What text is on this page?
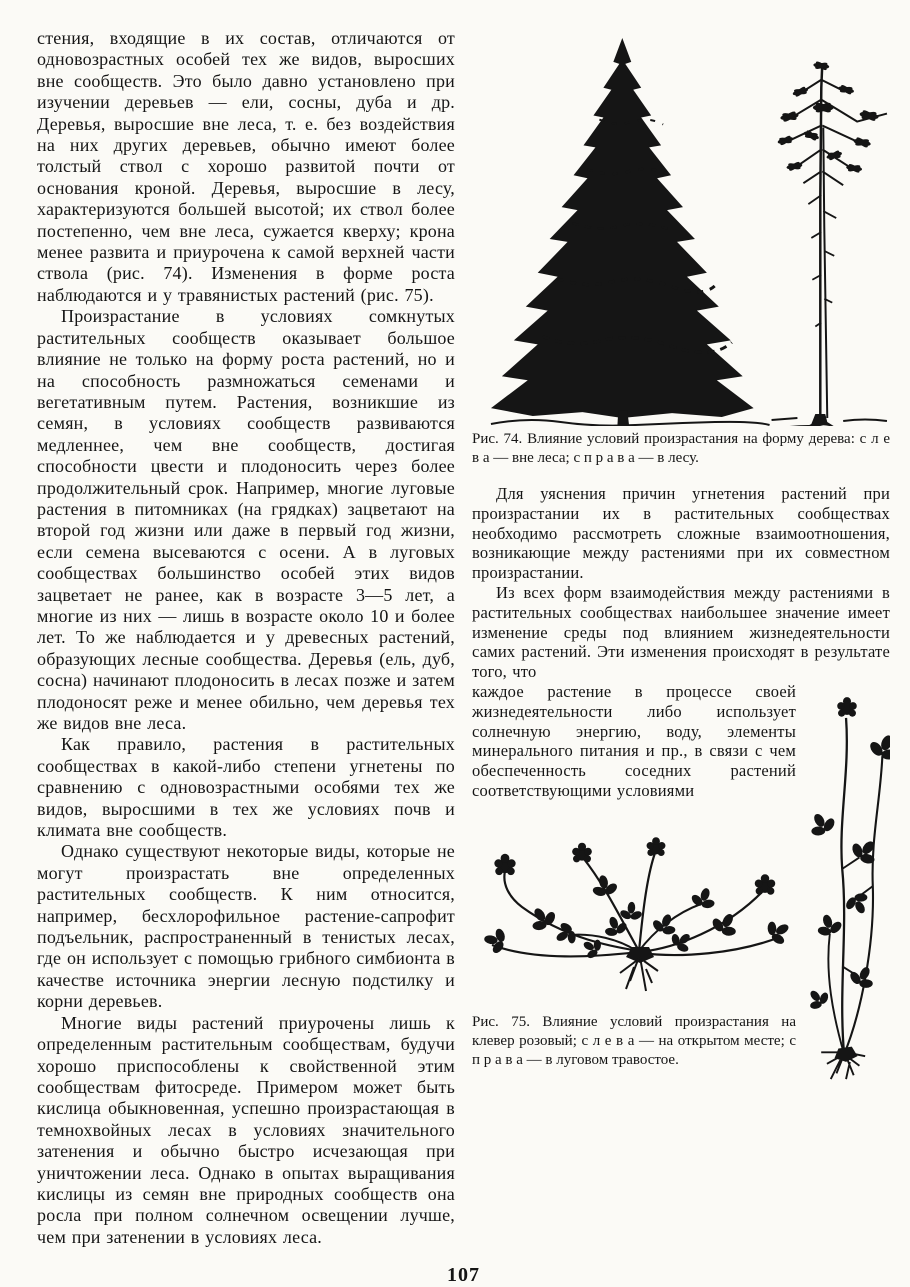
стения, входящие в их состав, отличаются от одновозрастных особей тех же видов, выросших вне сообществ. Это было давно установлено при изучении деревьев — ели, сосны, дуба и др. Деревья, выросшие вне леса, т. е. без воздействия на них других деревьев, обычно имеют более толстый ствол с хорошо развитой почти от основания кроной. Деревья, выросшие в лесу, характеризуются большей высотой; их ствол более постепенно, чем вне леса, сужается кверху; крона менее развита и приурочена к самой верхней части ствола (рис. 74). Изменения в форме роста наблюдаются и у травянистых растений (рис. 75).

Произрастание в условиях сомкнутых растительных сообществ оказывает большое влияние не только на форму роста растений, но и на способность размножаться семенами и вегетативным путем. Растения, возникшие из семян, в условиях сообществ развиваются медленнее, чем вне сообществ, достигая способности цвести и плодоносить через более продолжительный срок. Например, многие луговые растения в питомниках (на грядках) зацветают на второй год жизни или даже в первый год жизни, если семена высеваются с осени. А в луговых сообществах большинство особей этих видов зацветает не ранее, как в возрасте 3—5 лет, а многие из них — лишь в возрасте около 10 и более лет. То же наблюдается и у древесных растений, образующих лесные сообщества. Деревья (ель, дуб, сосна) начинают плодоносить в лесах позже и затем плодоносят реже и менее обильно, чем деревья тех же видов вне леса.

Как правило, растения в растительных сообществах в какой-либо степени угнетены по сравнению с одновозрастными особями тех же видов, выросшими в тех же условиях почв и климата вне сообществ.

Однако существуют некоторые виды, которые не могут произрастать вне определенных растительных сообществ. К ним относится, например, бесхлорофильное растение-сапрофит подъельник, распространенный в тенистых лесах, где он использует с помощью грибного симбионта в качестве источника энергии лесную подстилку и корни деревьев.

Многие виды растений приурочены лишь к определенным растительным сообществам, будучи хорошо приспособлены к свойственной этим сообществам фитосреде. Примером может быть кислица обыкновенная, успешно произрастающая в темнохвойных лесах в условиях значительного затенения и обычно быстро исчезающая при уничтожении леса. Однако в опытах выращивания кислицы из семян вне природных сообществ она росла при полном солнечном освещении лучше, чем при затенении в условиях леса.

Рис. 74. Влияние условий произрастания на форму дерева: с л е в а — вне леса; с п р а в а — в лесу.

Для уяснения причин угнетения растений при произрастании их в растительных сообществах необходимо рассмотреть сложные взаимоотношения, возникающие между растениями при их совместном произрастании.

Из всех форм взаимодействия между растениями в растительных сообществах наибольшее значение имеет изменение среды под влиянием жизнедеятельности самих растений. Эти изменения происходят в результате того, что

каждое растение в процессе своей жизнедеятельности либо использует солнечную энергию, воду, элементы минерального питания и пр., в связи с чем обеспеченность соседних растений соответствующими условиями

Рис. 75. Влияние условий произрастания на клевер розовый; с л е в а — на открытом месте; с п р а в а — в луговом травостое.
107
